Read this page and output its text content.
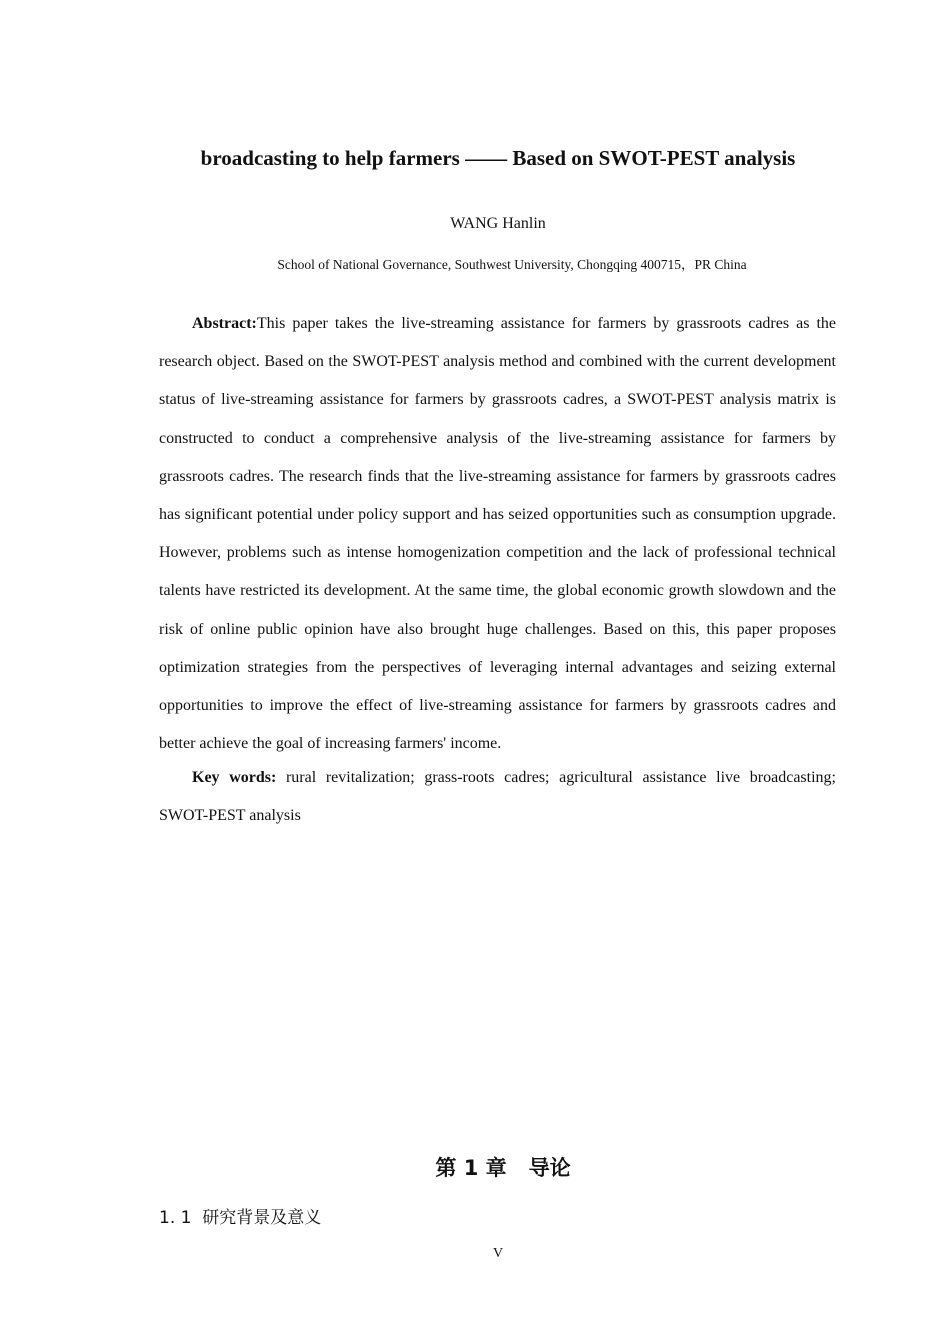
broadcasting to help farmers —— Based on SWOT-PEST analysis
WANG Hanlin
School of National Governance, Southwest University, Chongqing 400715，PR China

Abstract:This paper takes the live-streaming assistance for farmers by grassroots cadres as the research object. Based on the SWOT-PEST analysis method and combined with the current development status of live-streaming assistance for farmers by grassroots cadres, a SWOT-PEST analysis matrix is constructed to conduct a comprehensive analysis of the live-streaming assistance for farmers by grassroots cadres. The research finds that the live-streaming assistance for farmers by grassroots cadres has significant potential under policy support and has seized opportunities such as consumption upgrade. However, problems such as intense homogenization competition and the lack of professional technical talents have restricted its development. At the same time, the global economic growth slowdown and the risk of online public opinion have also brought huge challenges. Based on this, this paper proposes optimization strategies from the perspectives of leveraging internal advantages and seizing external opportunities to improve the effect of live-streaming assistance for farmers by grassroots cadres and better achieve the goal of increasing farmers' income.

Key words: rural revitalization; grass-roots cadres; agricultural assistance live broadcasting; SWOT-PEST analysis

第 1 章   导论
1. 1  研究背景及意义
V
